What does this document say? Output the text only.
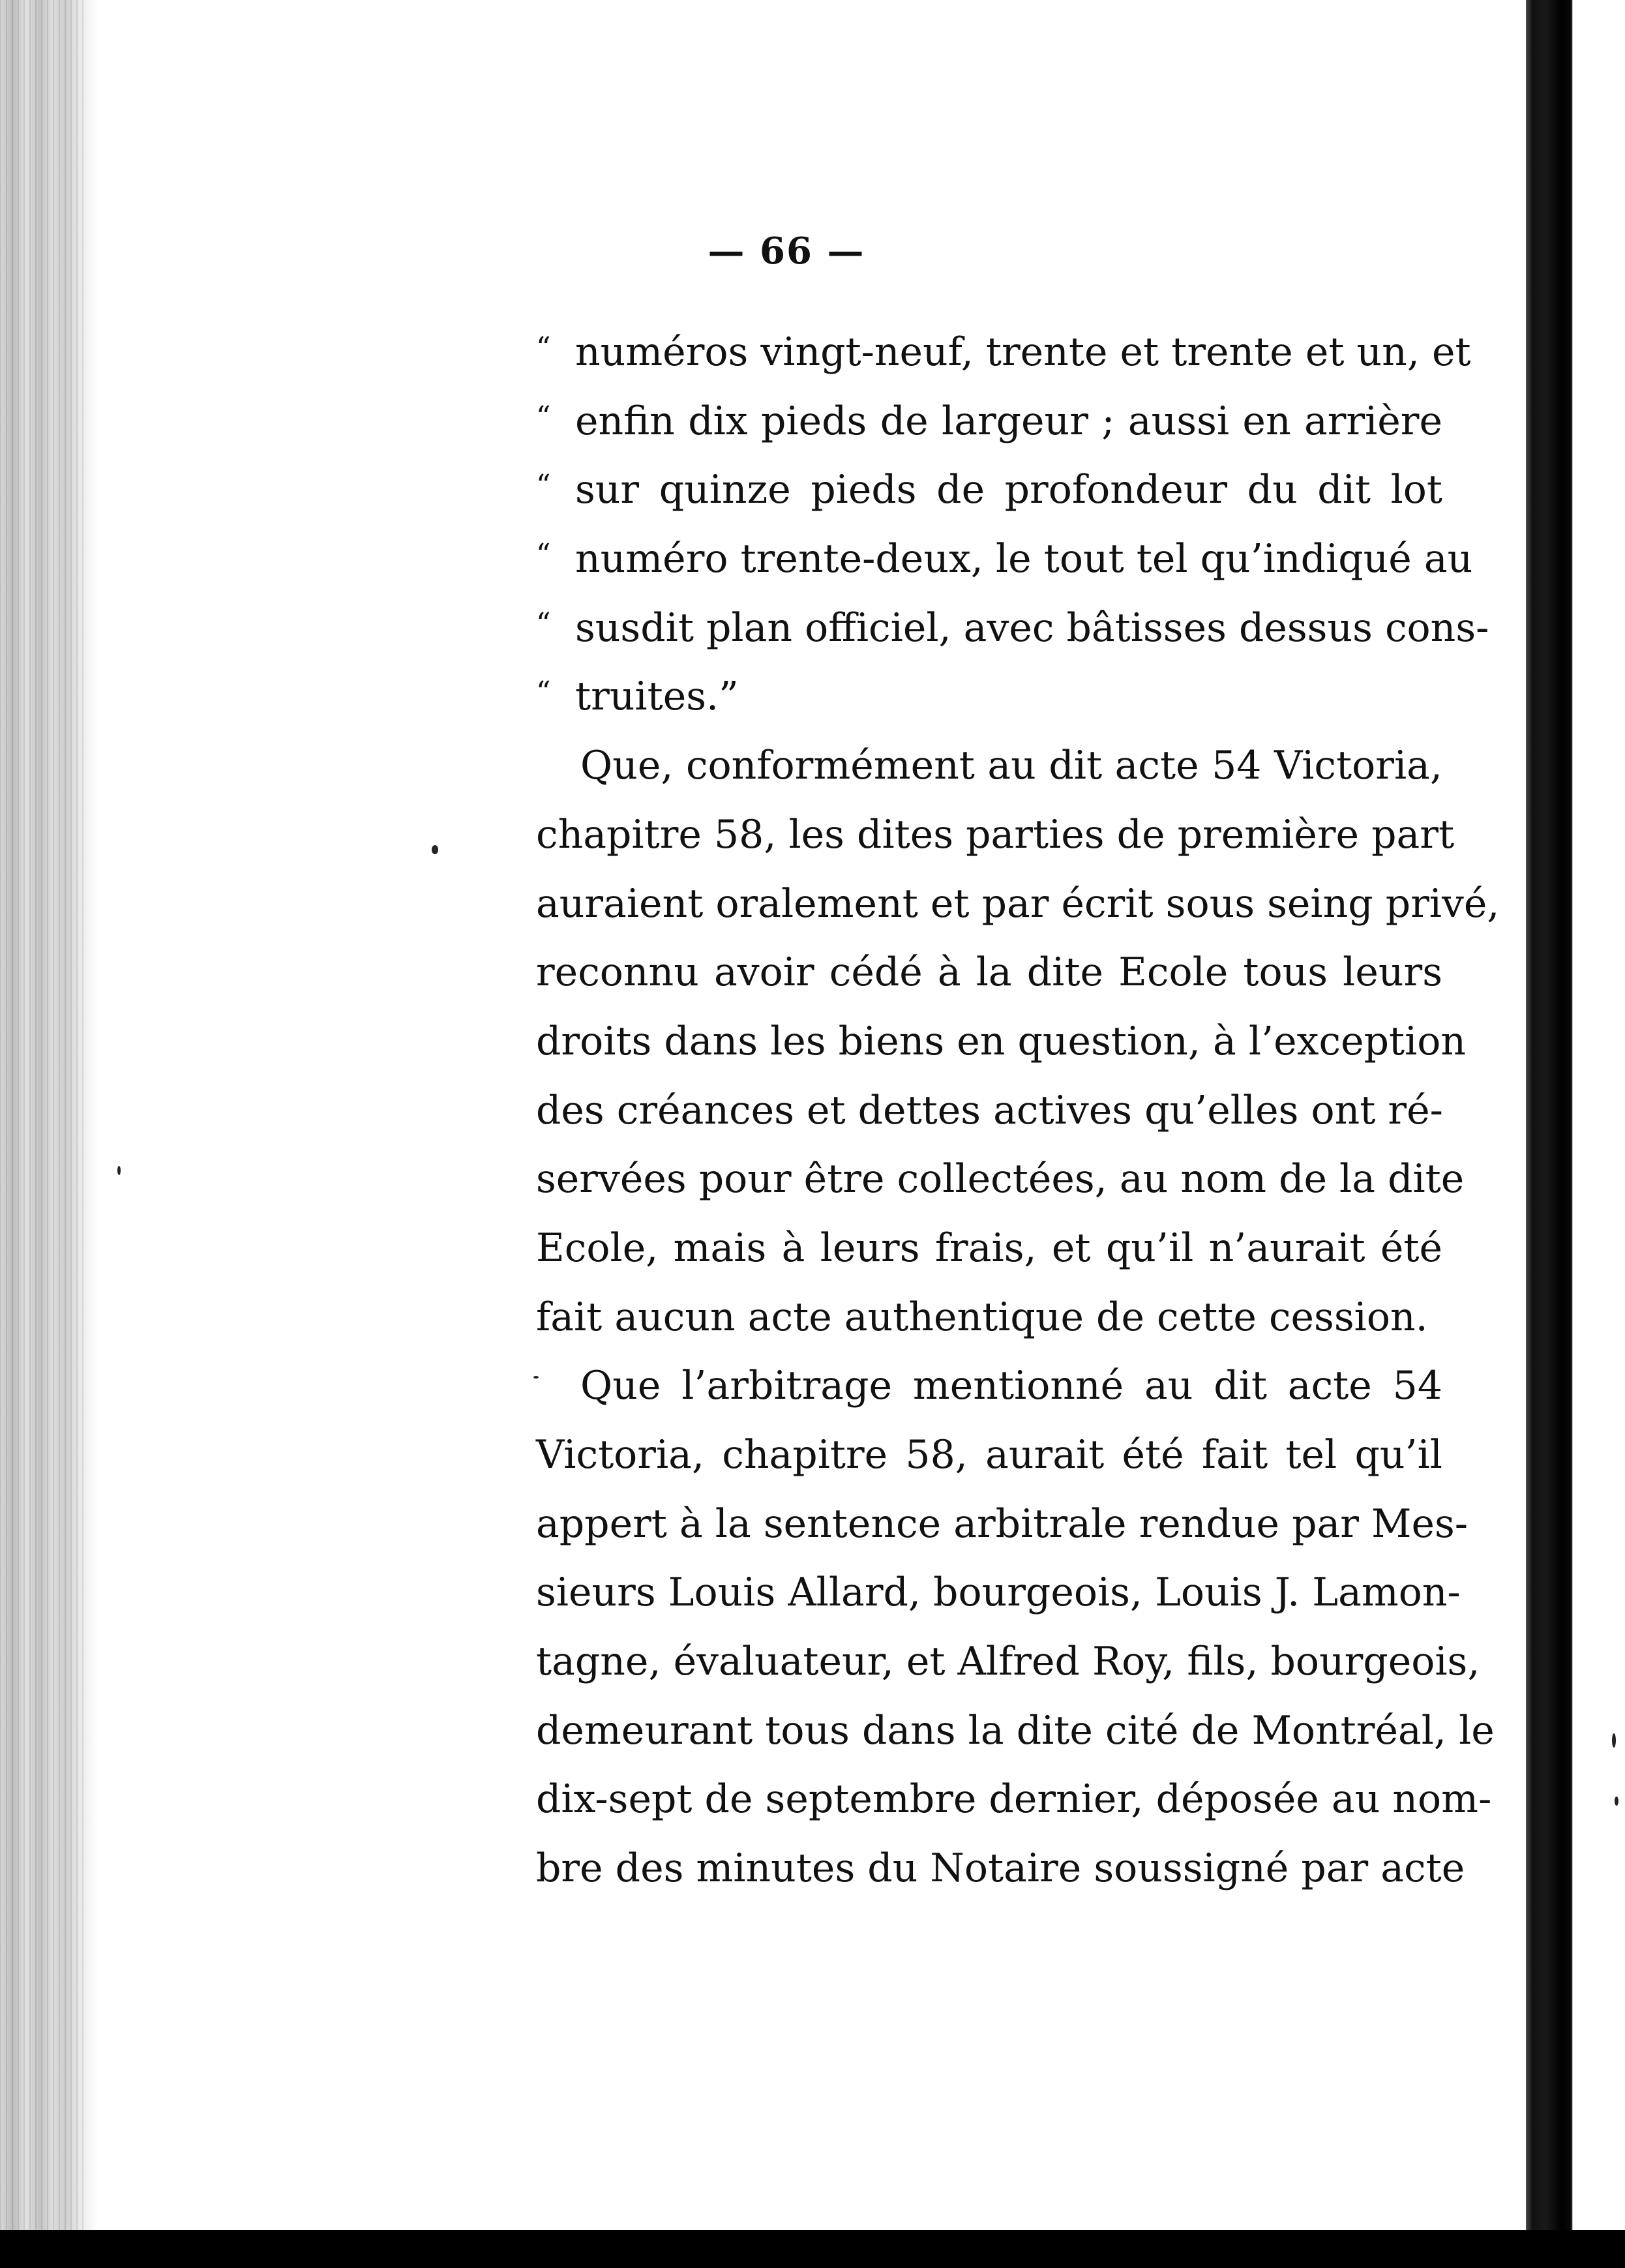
— 66 —
“ numéros vingt-neuf, trente et trente et un, et
“ enfin dix pieds de largeur ; aussi en arrière
“ sur quinze pieds de profondeur du dit lot
“ numéro trente-deux, le tout tel qu’indiqué au
“ susdit plan officiel, avec bâtisses dessus cons-
“ truites.”
Que, conformément au dit acte 54 Victoria,
chapitre 58, les dites parties de première part
auraient oralement et par écrit sous seing privé,
reconnu avoir cédé à la dite Ecole tous leurs
droits dans les biens en question, à l’exception
des créances et dettes actives qu’elles ont ré-
servées pour être collectées, au nom de la dite
Ecole, mais à leurs frais, et qu’il n’aurait été
fait aucun acte authentique de cette cession.
Que l’arbitrage mentionné au dit acte 54
Victoria, chapitre 58, aurait été fait tel qu’il
appert à la sentence arbitrale rendue par Mes-
sieurs Louis Allard, bourgeois, Louis J. Lamon-
tagne, évaluateur, et Alfred Roy, fils, bourgeois,
demeurant tous dans la dite cité de Montréal, le
dix-sept de septembre dernier, déposée au nom-
bre des minutes du Notaire soussigné par acte
